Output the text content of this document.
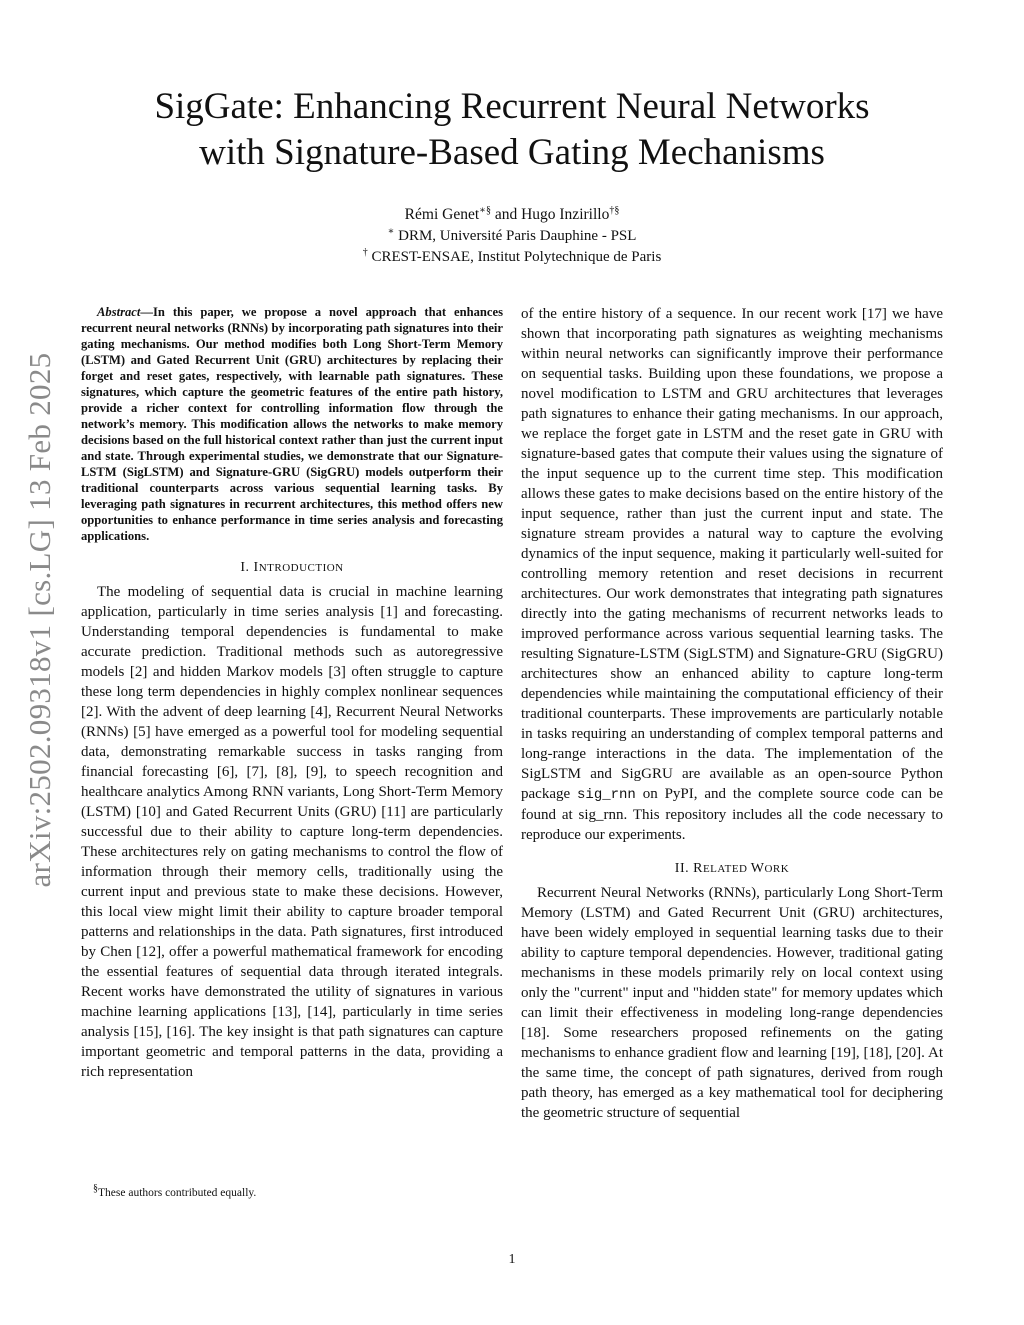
arXiv:2502.09318v1 [cs.LG] 13 Feb 2025
SigGate: Enhancing Recurrent Neural Networks
with Signature-Based Gating Mechanisms
Rémi Genet∗§ and Hugo Inzirillo†§
∗ DRM, Université Paris Dauphine - PSL
† CREST-ENSAE, Institut Polytechnique de Paris

Abstract—In this paper, we propose a novel approach that enhances recurrent neural networks (RNNs) by incorporating path signatures into their gating mechanisms. Our method modifies both Long Short-Term Memory (LSTM) and Gated Recurrent Unit (GRU) architectures by replacing their forget and reset gates, respectively, with learnable path signatures. These signatures, which capture the geometric features of the entire path history, provide a richer context for controlling information flow through the network’s memory. This modification allows the networks to make memory decisions based on the full historical context rather than just the current input and state. Through experimental studies, we demonstrate that our Signature-LSTM (SigLSTM) and Signature-GRU (SigGRU) models outperform their traditional counterparts across various sequential learning tasks. By leveraging path signatures in recurrent architectures, this method offers new opportunities to enhance performance in time series analysis and forecasting applications.

I. INTRODUCTION

The modeling of sequential data is crucial in machine learning application, particularly in time series analysis [1] and forecasting. Understanding temporal dependencies is fundamental to make accurate prediction. Traditional methods such as autoregressive models [2] and hidden Markov models [3] often struggle to capture these long term dependencies in highly complex nonlinear sequences [2]. With the advent of deep learning [4], Recurrent Neural Networks (RNNs) [5] have emerged as a powerful tool for modeling sequential data, demonstrating remarkable success in tasks ranging from financial forecasting [6], [7], [8], [9], to speech recognition and healthcare analytics Among RNN variants, Long Short-Term Memory (LSTM) [10] and Gated Recurrent Units (GRU) [11] are particularly successful due to their ability to capture long-term dependencies. These architectures rely on gating mechanisms to control the flow of information through their memory cells, traditionally using the current input and previous state to make these decisions. However, this local view might limit their ability to capture broader temporal patterns and relationships in the data. Path signatures, first introduced by Chen [12], offer a powerful mathematical framework for encoding the essential features of sequential data through iterated integrals. Recent works have demonstrated the utility of signatures in various machine learning applications [13], [14], particularly in time series analysis [15], [16]. The key insight is that path signatures can capture important geometric and temporal patterns in the data, providing a rich representation

of the entire history of a sequence. In our recent work [17] we have shown that incorporating path signatures as weighting mechanisms within neural networks can significantly improve their performance on sequential tasks. Building upon these foundations, we propose a novel modification to LSTM and GRU architectures that leverages path signatures to enhance their gating mechanisms. In our approach, we replace the forget gate in LSTM and the reset gate in GRU with signature-based gates that compute their values using the signature of the input sequence up to the current time step. This modification allows these gates to make decisions based on the entire history of the input sequence, rather than just the current input and state. The signature stream provides a natural way to capture the evolving dynamics of the input sequence, making it particularly well-suited for controlling memory retention and reset decisions in recurrent architectures. Our work demonstrates that integrating path signatures directly into the gating mechanisms of recurrent networks leads to improved performance across various sequential learning tasks. The resulting Signature-LSTM (SigLSTM) and Signature-GRU (SigGRU) architectures show an enhanced ability to capture long-term dependencies while maintaining the computational efficiency of their traditional counterparts. These improvements are particularly notable in tasks requiring an understanding of complex temporal patterns and long-range interactions in the data. The implementation of the SigLSTM and SigGRU are available as an open-source Python package sig_rnn on PyPI, and the complete source code can be found at sig_rnn. This repository includes all the code necessary to reproduce our experiments.

II. RELATED WORK

Recurrent Neural Networks (RNNs), particularly Long Short-Term Memory (LSTM) and Gated Recurrent Unit (GRU) architectures, have been widely employed in sequential learning tasks due to their ability to capture temporal dependencies. However, traditional gating mechanisms in these models primarily rely on local context using only the "current" input and "hidden state" for memory updates which can limit their effectiveness in modeling long-range dependencies [18]. Some researchers proposed refinements on the gating mechanisms to enhance gradient flow and learning [19], [18], [20]. At the same time, the concept of path signatures, derived from rough path theory, has emerged as a key mathematical tool for deciphering the geometric structure of sequential

§These authors contributed equally.
1
